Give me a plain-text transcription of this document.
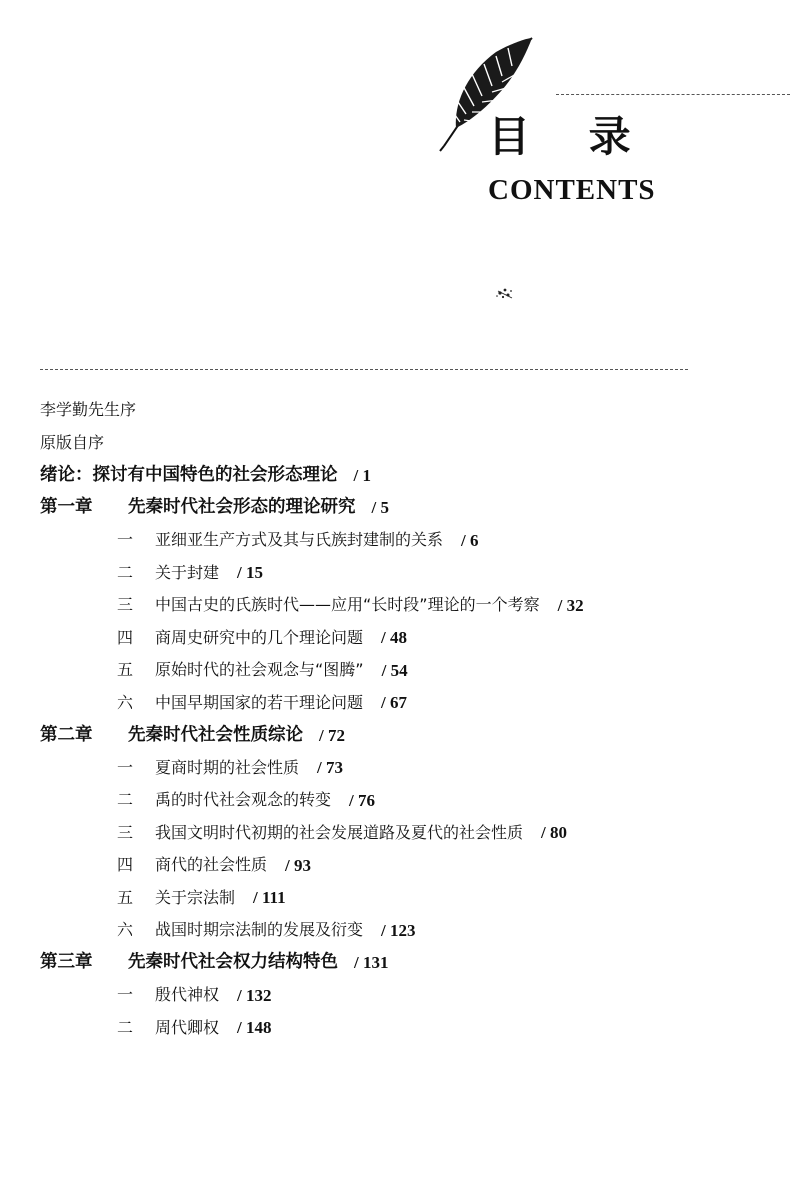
目 录
CONTENTS
李学勤先生序
原版自序
绪论：探讨有中国特色的社会形态理论 / 1
第一章	先秦时代社会形态的理论研究 / 5
一	亚细亚生产方式及其与氏族封建制的关系 / 6
二	关于封建 / 15
三	中国古史的氏族时代——应用“长时段”理论的一个考察 / 32
四	商周史研究中的几个理论问题 / 48
五	原始时代的社会观念与“图腾” / 54
六	中国早期国家的若干理论问题 / 67
第二章	先秦时代社会性质综论 / 72
一	夏商时期的社会性质 / 73
二	禹的时代社会观念的转变 / 76
三	我国文明时代初期的社会发展道路及夏代的社会性质 / 80
四	商代的社会性质 / 93
五	关于宗法制 / 111
六	战国时期宗法制的发展及衍变 / 123
第三章	先秦时代社会权力结构特色 / 131
一	殷代神权 / 132
二	周代卿权 / 148
